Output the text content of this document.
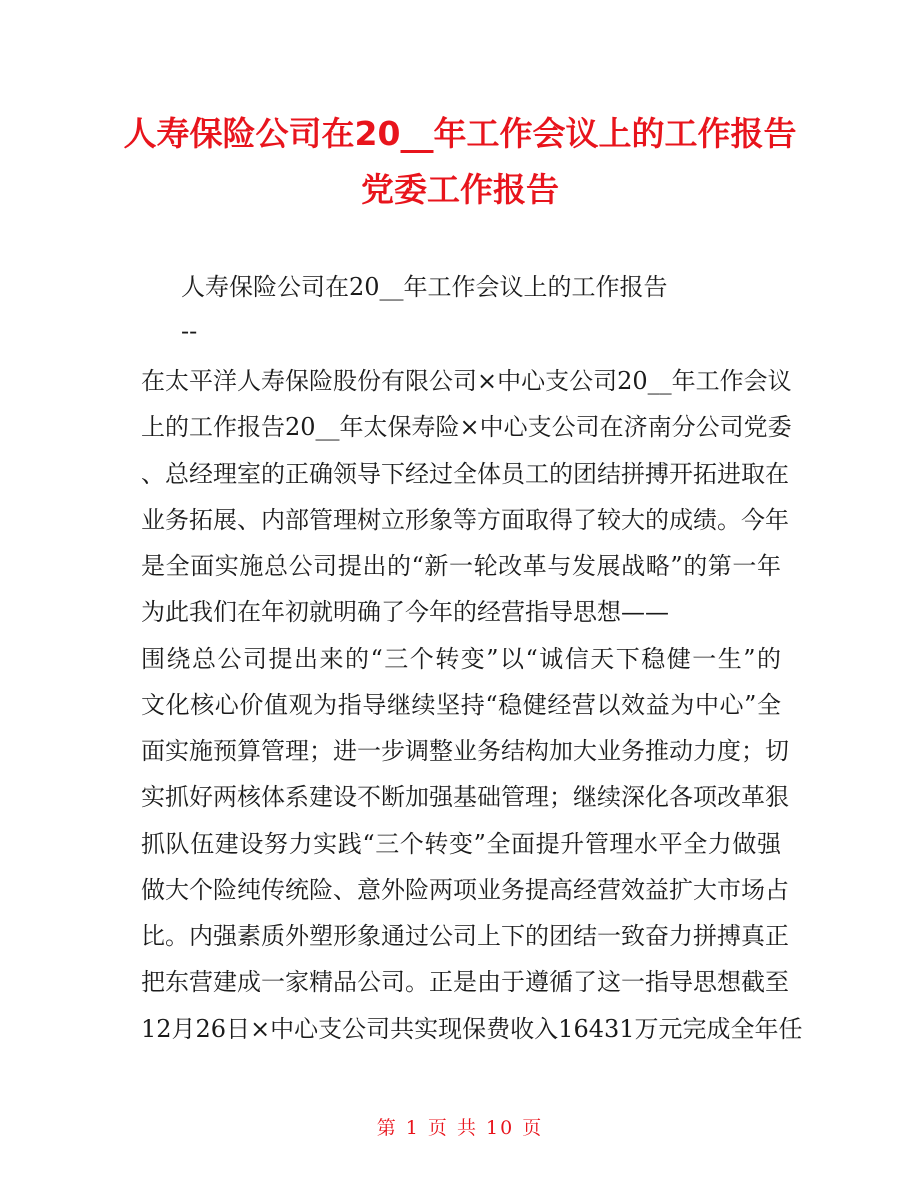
人寿保险公司在20__年工作会议上的工作报告
党委工作报告

人寿保险公司在20__年工作会议上的工作报告

--

在太平洋人寿保险股份有限公司×中心支公司20__年工作会议

上的工作报告20__年太保寿险×中心支公司在济南分公司党委

、总经理室的正确领导下经过全体员工的团结拼搏开拓进取在

业务拓展、内部管理树立形象等方面取得了较大的成绩。今年

是全面实施总公司提出的“新一轮改革与发展战略”的第一年

为此我们在年初就明确了今年的经营指导思想——

围绕总公司提出来的“三个转变”以“诚信天下稳健一生”的

文化核心价值观为指导继续坚持“稳健经营以效益为中心”全

面实施预算管理；进一步调整业务结构加大业务推动力度；切

实抓好两核体系建设不断加强基础管理；继续深化各项改革狠

抓队伍建设努力实践“三个转变”全面提升管理水平全力做强

做大个险纯传统险、意外险两项业务提高经营效益扩大市场占

比。内强素质外塑形象通过公司上下的团结一致奋力拼搏真正

把东营建成一家精品公司。正是由于遵循了这一指导思想截至

12月26日×中心支公司共实现保费收入16431万元完成全年任

第 1 页 共 10 页
